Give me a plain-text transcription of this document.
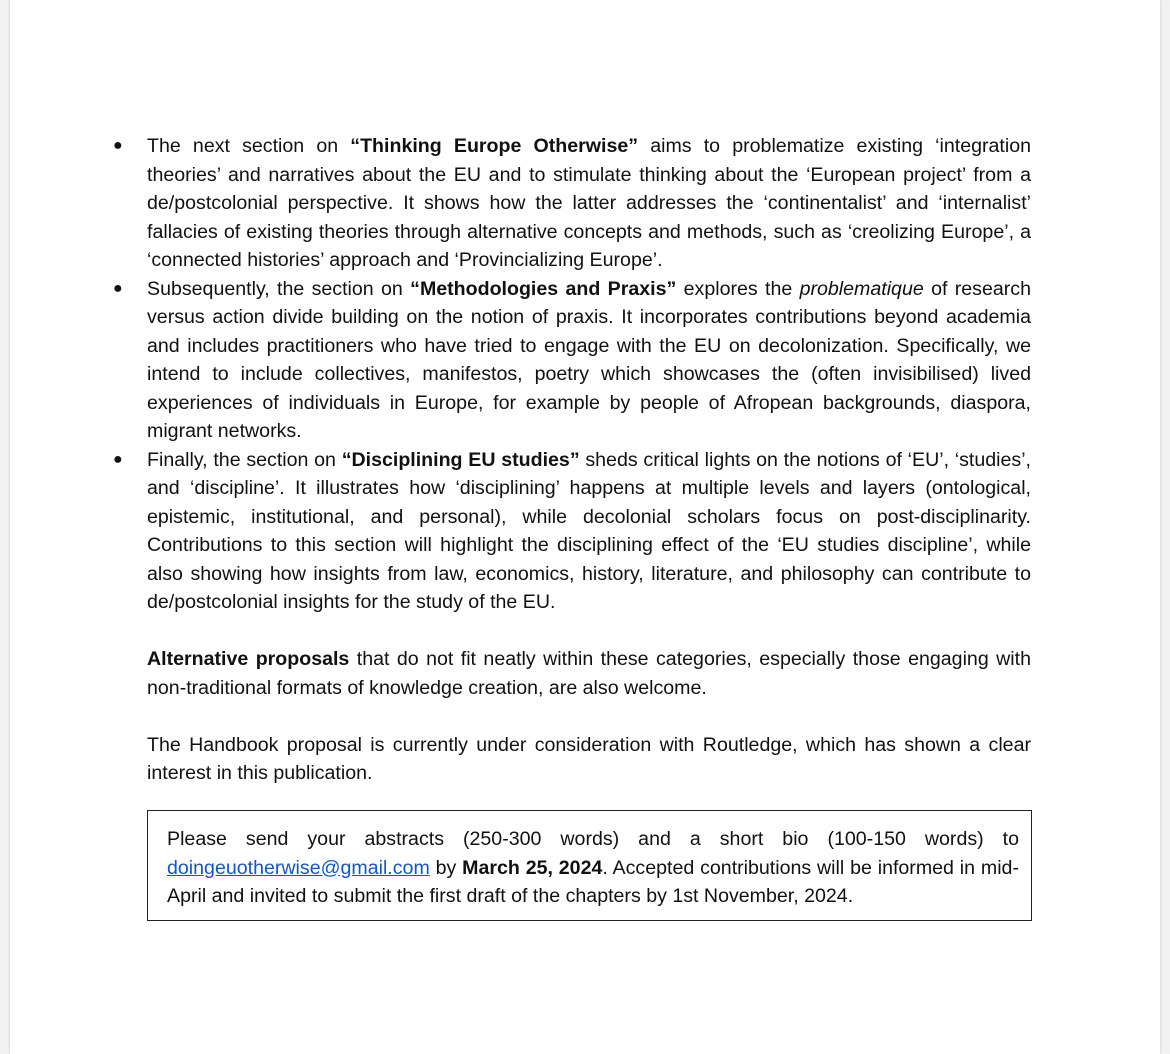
● The next section on “Thinking Europe Otherwise” aims to problematize existing ‘integration theories’ and narratives about the EU and to stimulate thinking about the ‘European project’ from a de/postcolonial perspective. It shows how the latter addresses the ‘continentalist’ and ‘internalist’ fallacies of existing theories through alternative concepts and methods, such as ‘creolizing Europe’, a ‘connected histories’ approach and ‘Provincializing Europe’.
● Subsequently, the section on “Methodologies and Praxis” explores the problematique of research versus action divide building on the notion of praxis. It incorporates contributions beyond academia and includes practitioners who have tried to engage with the EU on decolonization. Specifically, we intend to include collectives, manifestos, poetry which showcases the (often invisibilised) lived experiences of individuals in Europe, for example by people of Afropean backgrounds, diaspora, migrant networks.
● Finally, the section on “Disciplining EU studies” sheds critical lights on the notions of ‘EU’, ‘studies’, and ‘discipline’. It illustrates how ‘disciplining’ happens at multiple levels and layers (ontological, epistemic, institutional, and personal), while decolonial scholars focus on post-disciplinarity. Contributions to this section will highlight the disciplining effect of the ‘EU studies discipline’, while also showing how insights from law, economics, history, literature, and philosophy can contribute to de/postcolonial insights for the study of the EU.

Alternative proposals that do not fit neatly within these categories, especially those engaging with non-traditional formats of knowledge creation, are also welcome.

The Handbook proposal is currently under consideration with Routledge, which has shown a clear interest in this publication.

Please send your abstracts (250-300 words) and a short bio (100-150 words) to doingeuotherwise@gmail.com by March 25, 2024. Accepted contributions will be informed in mid-April and invited to submit the first draft of the chapters by 1st November, 2024.
